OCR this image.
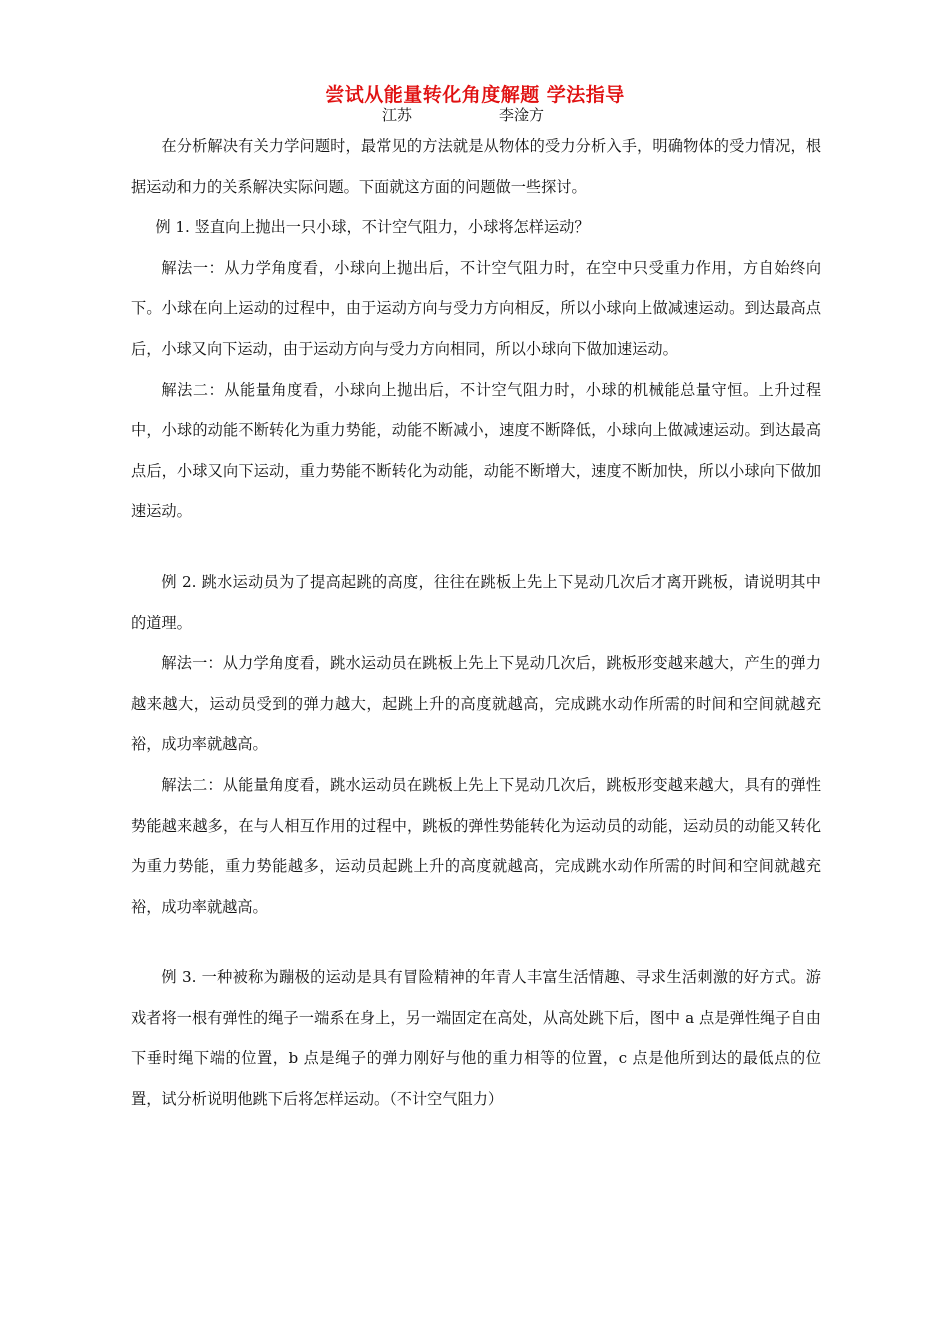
尝试从能量转化角度解题 学法指导
江苏	李淦方

在分析解决有关力学问题时，最常见的方法就是从物体的受力分析入手，明确物体的受力情况，根据运动和力的关系解决实际问题。下面就这方面的问题做一些探讨。

例 1. 竖直向上抛出一只小球，不计空气阻力，小球将怎样运动？

解法一：从力学角度看，小球向上抛出后，不计空气阻力时，在空中只受重力作用，方自始终向下。小球在向上运动的过程中，由于运动方向与受力方向相反，所以小球向上做减速运动。到达最高点后，小球又向下运动，由于运动方向与受力方向相同，所以小球向下做加速运动。

解法二：从能量角度看，小球向上抛出后，不计空气阻力时，小球的机械能总量守恒。上升过程中，小球的动能不断转化为重力势能，动能不断减小，速度不断降低，小球向上做减速运动。到达最高点后，小球又向下运动，重力势能不断转化为动能，动能不断增大，速度不断加快，所以小球向下做加速运动。

例 2. 跳水运动员为了提高起跳的高度，往往在跳板上先上下晃动几次后才离开跳板，请说明其中的道理。

解法一：从力学角度看，跳水运动员在跳板上先上下晃动几次后，跳板形变越来越大，产生的弹力越来越大，运动员受到的弹力越大，起跳上升的高度就越高，完成跳水动作所需的时间和空间就越充裕，成功率就越高。

解法二：从能量角度看，跳水运动员在跳板上先上下晃动几次后，跳板形变越来越大，具有的弹性势能越来越多，在与人相互作用的过程中，跳板的弹性势能转化为运动员的动能，运动员的动能又转化为重力势能，重力势能越多，运动员起跳上升的高度就越高，完成跳水动作所需的时间和空间就越充裕，成功率就越高。

例 3. 一种被称为蹦极的运动是具有冒险精神的年青人丰富生活情趣、寻求生活刺激的好方式。游戏者将一根有弹性的绳子一端系在身上，另一端固定在高处，从高处跳下后，图中 a 点是弹性绳子自由下垂时绳下端的位置，b 点是绳子的弹力刚好与他的重力相等的位置，c 点是他所到达的最低点的位置，试分析说明他跳下后将怎样运动。（不计空气阻力）
